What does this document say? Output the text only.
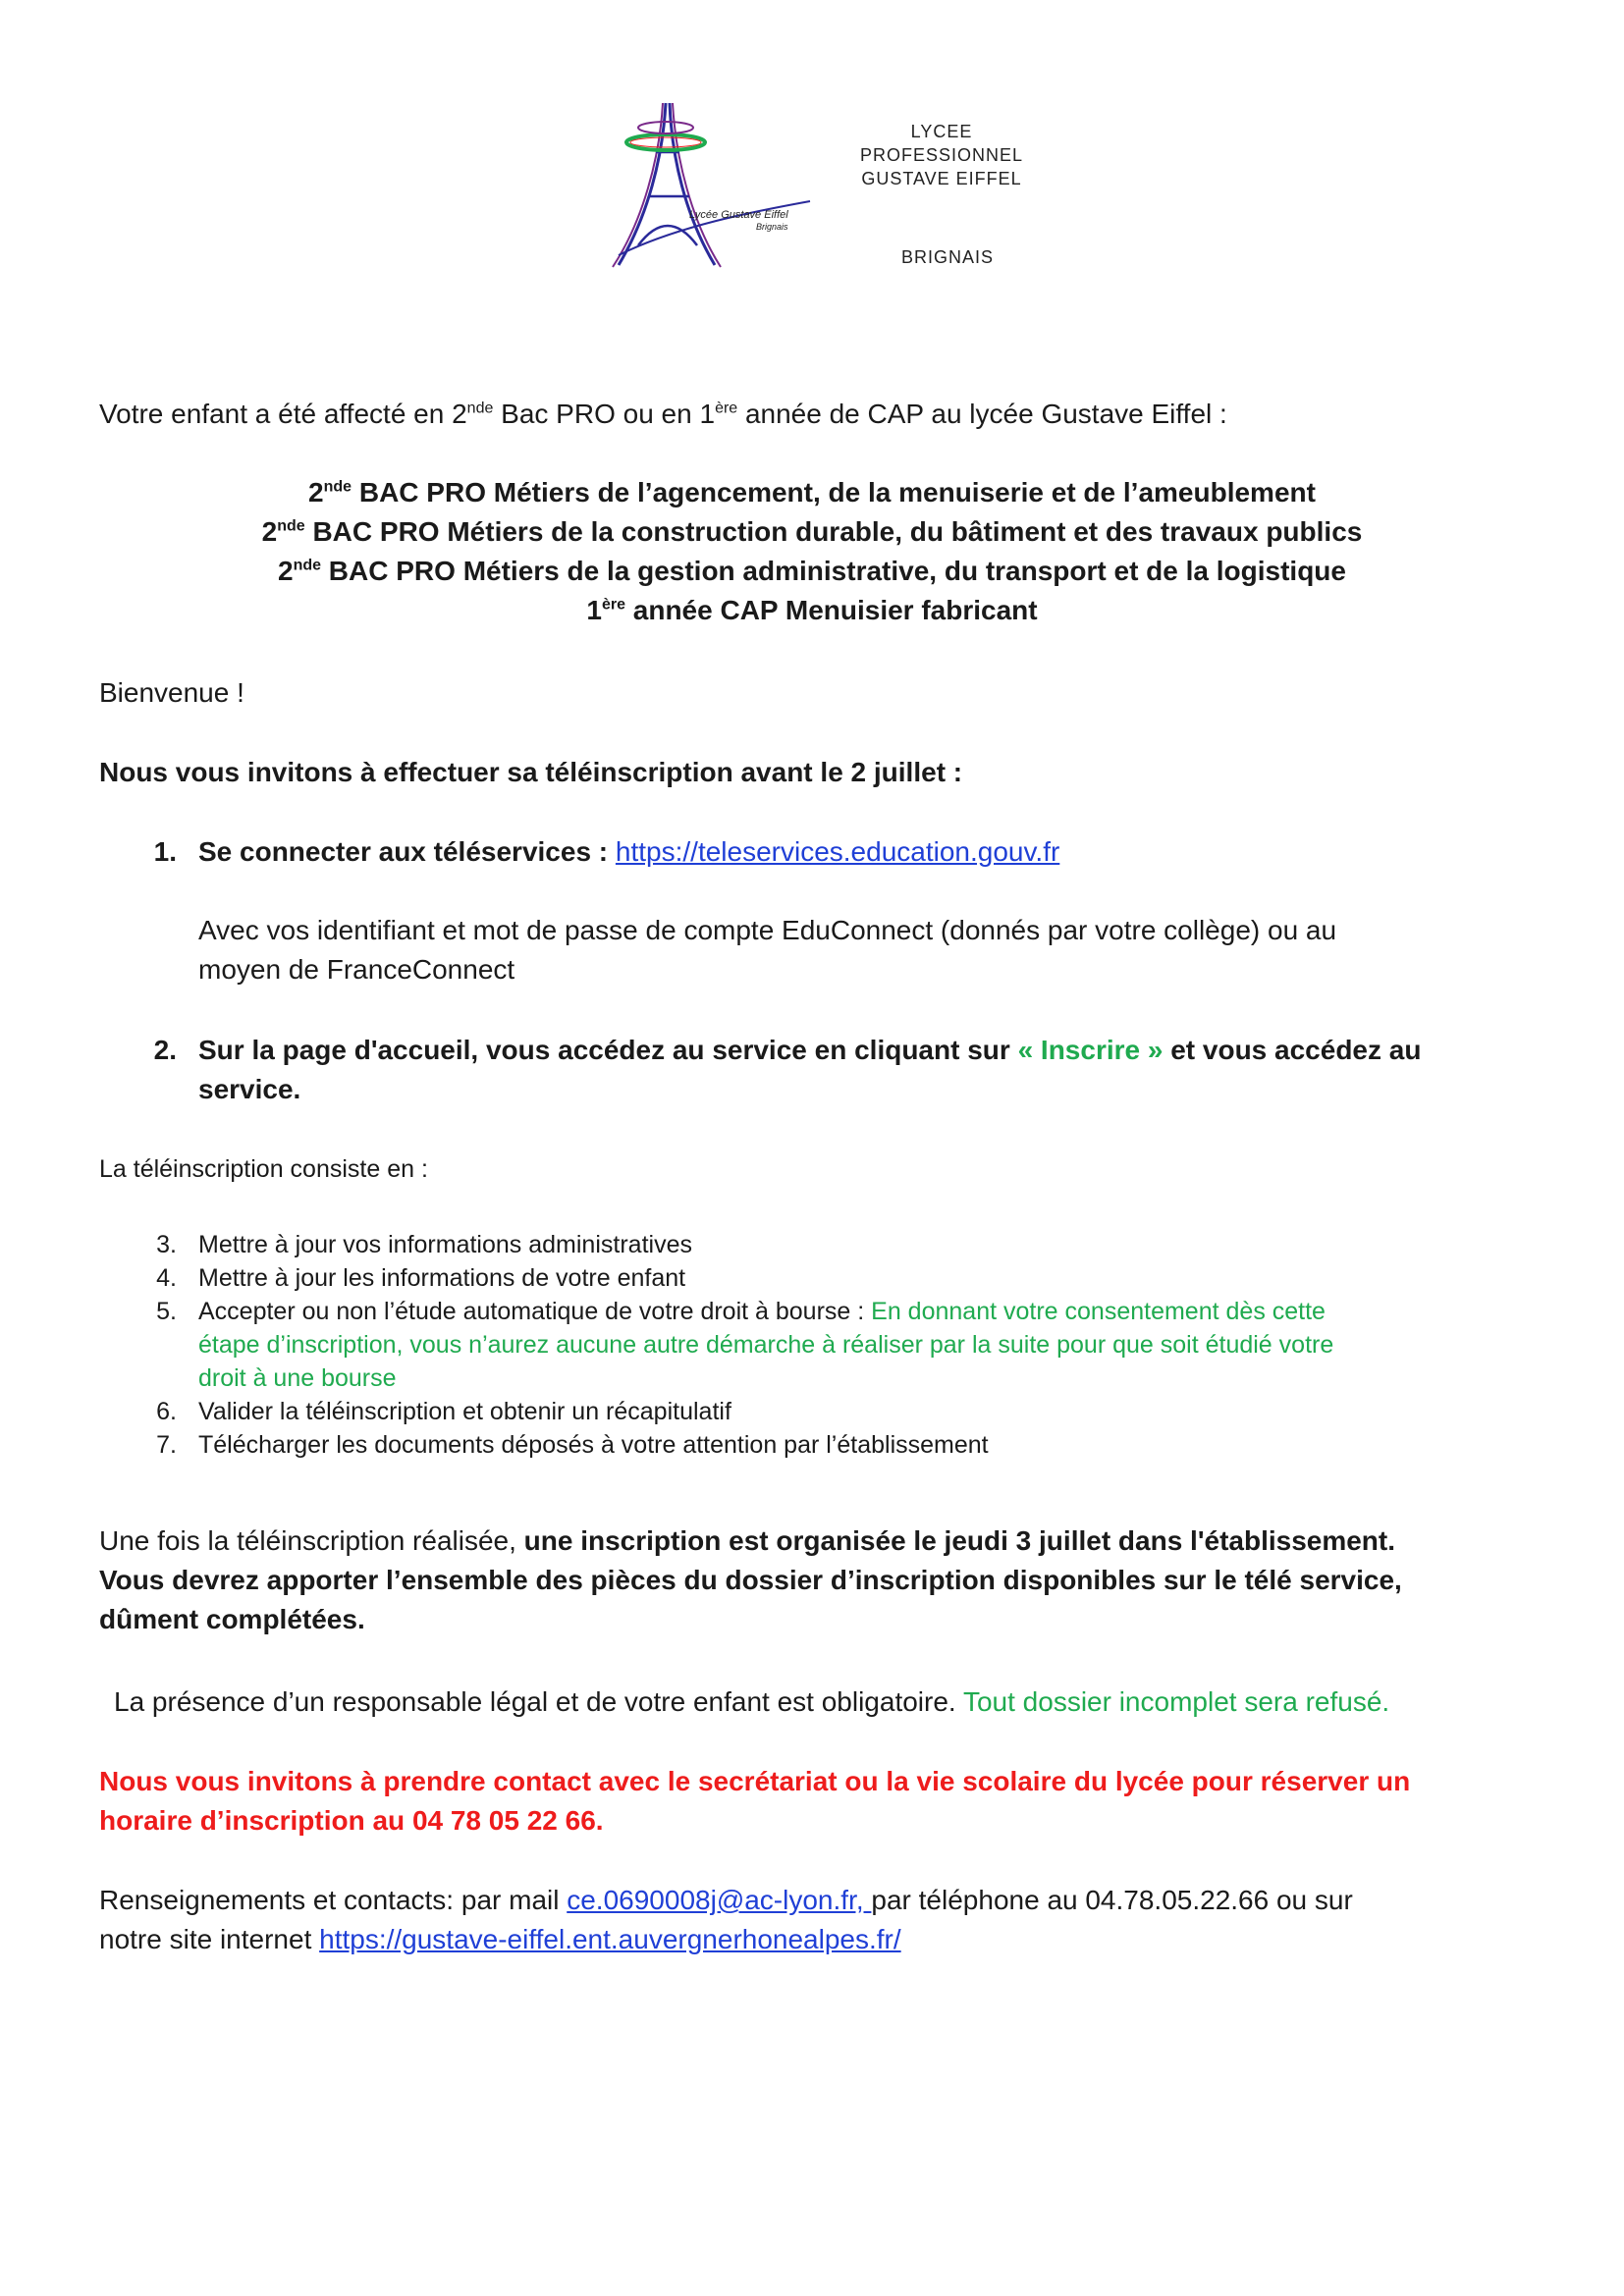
Lycée Gustave Eiffel
Brignais
LYCEE
PROFESSIONNEL
GUSTAVE EIFFEL
BRIGNAIS
Votre enfant a été affecté en 2nde Bac PRO ou en 1ère année de CAP au lycée Gustave Eiffel :
2nde BAC PRO Métiers de l’agencement, de la menuiserie et de l’ameublement
2nde BAC PRO Métiers de la construction durable, du bâtiment et des travaux publics
2nde BAC PRO Métiers de la gestion administrative, du transport et de la logistique
1ère année CAP Menuisier fabricant
Bienvenue !
Nous vous invitons à effectuer sa téléinscription avant le 2 juillet :
1. Se connecter aux téléservices : https://teleservices.education.gouv.fr
Avec vos identifiant et mot de passe de compte EduConnect (donnés par votre collège) ou au
moyen de FranceConnect
2. Sur la page d'accueil, vous accédez au service en cliquant sur « Inscrire » et vous accédez au
service.
La téléinscription consiste en :
3. Mettre à jour vos informations administratives
4. Mettre à jour les informations de votre enfant
5. Accepter ou non l’étude automatique de votre droit à bourse : En donnant votre consentement dès cette
étape d’inscription, vous n’aurez aucune autre démarche à réaliser par la suite pour que soit étudié votre
droit à une bourse
6. Valider la téléinscription et obtenir un récapitulatif
7. Télécharger les documents déposés à votre attention par l’établissement
Une fois la téléinscription réalisée, une inscription est organisée le jeudi 3 juillet dans l'établissement.
Vous devrez apporter l’ensemble des pièces du dossier d’inscription disponibles sur le télé service,
dûment complétées.
La présence d’un responsable légal et de votre enfant est obligatoire. Tout dossier incomplet sera refusé.
Nous vous invitons à prendre contact avec le secrétariat ou la vie scolaire du lycée pour réserver un
horaire d’inscription au 04 78 05 22 66.
Renseignements et contacts: par mail ce.0690008j@ac-lyon.fr, par téléphone au 04.78.05.22.66 ou sur
notre site internet https://gustave-eiffel.ent.auvergnerhonealpes.fr/
